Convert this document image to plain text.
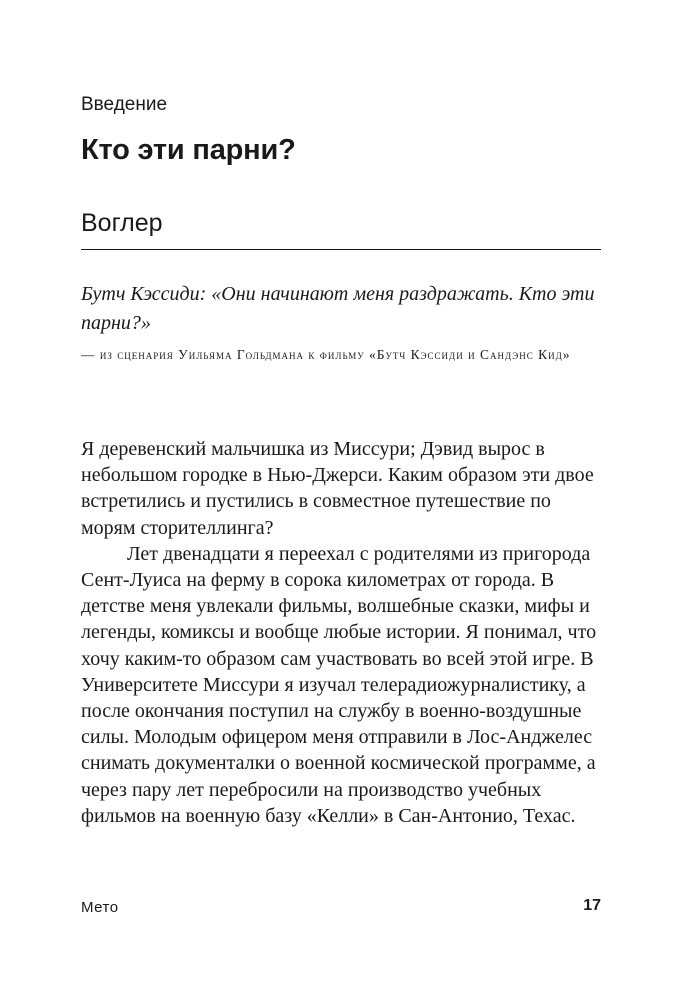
Введение
Кто эти парни?
Воглер
Бутч Кэссиди: «Они начинают меня раздражать. Кто эти парни?»
— из сценария Уильяма Гольдмана к фильму «Бутч Кэссиди и Сандэнс Кид»

Я деревенский мальчишка из Миссури; Дэвид вырос в небольшом городке в Нью-Джерси. Каким образом эти двое встретились и пустились в совместное путешествие по морям сторителлинга?

Лет двенадцати я переехал с родителями из пригорода Сент-Луиса на ферму в сорока километрах от города. В детстве меня увлекали фильмы, волшебные сказки, мифы и легенды, комиксы и вообще любые истории. Я понимал, что хочу каким-то образом сам участвовать во всей этой игре. В Университете Миссури я изучал телерадиожурналистику, а после окончания поступил на службу в военно-воздушные силы. Молодым офицером меня отправили в Лос-Анджелес снимать документалки о военной космической программе, а через пару лет перебросили на производство учебных фильмов на военную базу «Келли» в Сан-Антонио, Техас.

Мето	17
